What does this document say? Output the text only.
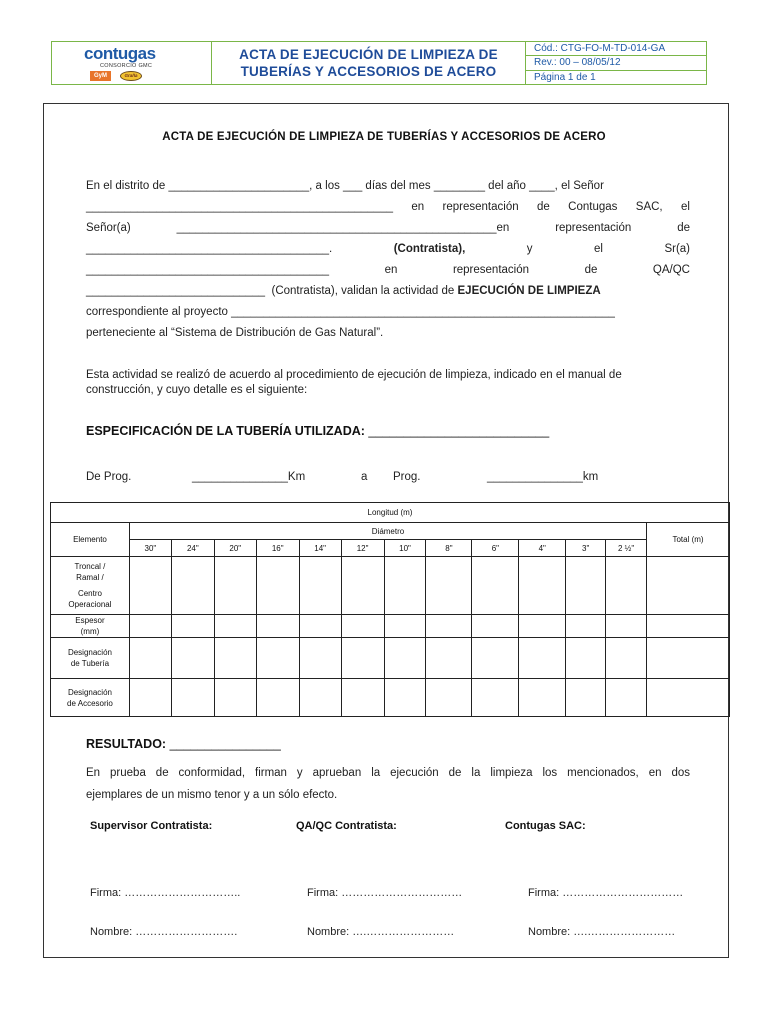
contugas
CONSORCIO GMC
GyM	Graña
ACTA DE EJECUCIÓN DE LIMPIEZA DE
TUBERÍAS Y ACCESORIOS DE ACERO
Cód.: CTG-FO-M-TD-014-GA
Rev.: 00 – 08/05/12
Página 1 de 1
ACTA DE EJECUCIÓN DE LIMPIEZA DE TUBERÍAS Y ACCESORIOS DE ACERO
En el distrito de ______________________, a los ___ días del mes ________ del año ____, el Señor
________________________________________________ en representación de Contugas SAC, el
Señor(a)	__________________________________________________en	representación	de
______________________________________.	(Contratista),	y	el	Sr(a)
______________________________________	en	representación	de	QA/QC
____________________________ (Contratista), validan la actividad de EJECUCIÓN DE LIMPIEZA
correspondiente al proyecto ____________________________________________________________
perteneciente al “Sistema de Distribución de Gas Natural”.
Esta actividad se realizó de acuerdo al procedimiento de ejecución de limpieza, indicado en el manual de
construcción, y cuyo detalle es el siguiente:
ESPECIFICACIÓN DE LA TUBERÍA UTILIZADA: __________________________
De Prog.	_______________Km	a Prog.	_______________km
Longitud (m)													
Elemento	Diámetro												Total (m)
	30"	24"	20"	16"	14"	12"	10"	8"	6"	4"	3"	2 ½"	

Troncal /
Ramal /
Centro
Operacional													

Espesor
(mm)													

Designación
de Tubería													

Designación
de Accesorio													

RESULTADO: ________________
En prueba de conformidad, firman y aprueban la ejecución de la limpieza los mencionados, en dos
ejemplares de un mismo tenor y a un sólo efecto.
Supervisor Contratista:	QA/QC Contratista:	Contugas SAC:
Firma: …………………………..	Firma: ……………………………	Firma: ……………………………
Nombre: ……………………….	Nombre: ….……………………	Nombre: ….……………………
